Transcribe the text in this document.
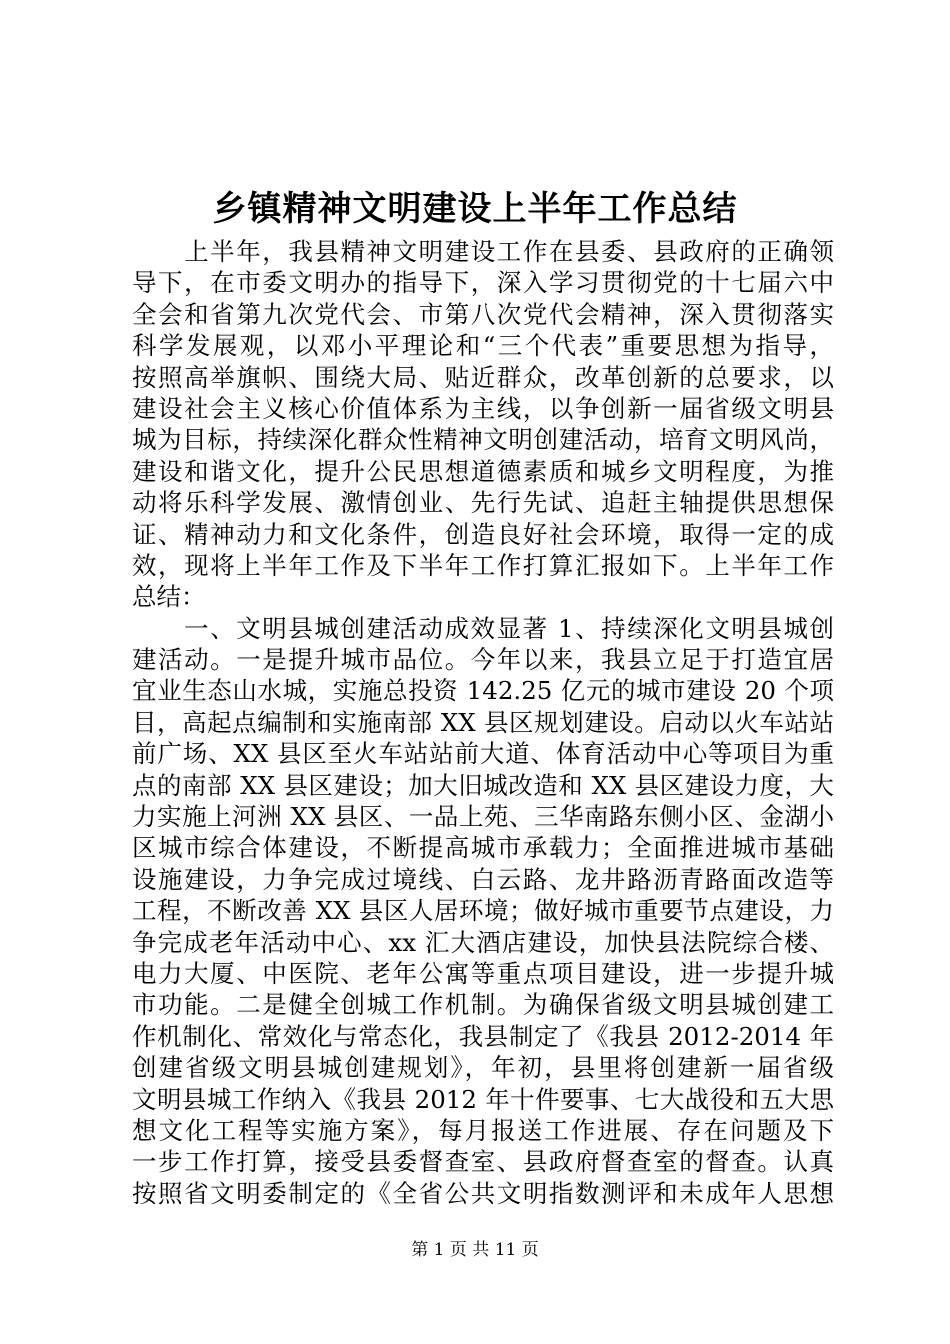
乡镇精神文明建设上半年工作总结
　　上半年，我县精神文明建设工作在县委、县政府的正确领
导下，在市委文明办的指导下，深入学习贯彻党的十七届六中
全会和省第九次党代会、市第八次党代会精神，深入贯彻落实
科学发展观，以邓小平理论和“三个代表”重要思想为指导，
按照高举旗帜、围绕大局、贴近群众，改革创新的总要求，以
建设社会主义核心价值体系为主线，以争创新一届省级文明县
城为目标，持续深化群众性精神文明创建活动，培育文明风尚，
建设和谐文化，提升公民思想道德素质和城乡文明程度，为推
动将乐科学发展、激情创业、先行先试、追赶主轴提供思想保
证、精神动力和文化条件，创造良好社会环境，取得一定的成
效，现将上半年工作及下半年工作打算汇报如下。上半年工作
总结：
　　一、文明县城创建活动成效显著 1、持续深化文明县城创
建活动。一是提升城市品位。今年以来，我县立足于打造宜居
宜业生态山水城，实施总投资 142.25 亿元的城市建设 20 个项
目，高起点编制和实施南部 XX 县区规划建设。启动以火车站站
前广场、XX 县区至火车站站前大道、体育活动中心等项目为重
点的南部 XX 县区建设；加大旧城改造和 XX 县区建设力度，大
力实施上河洲 XX 县区、一品上苑、三华南路东侧小区、金湖小
区城市综合体建设，不断提高城市承载力；全面推进城市基础
设施建设，力争完成过境线、白云路、龙井路沥青路面改造等
工程，不断改善 XX 县区人居环境；做好城市重要节点建设，力
争完成老年活动中心、xx 汇大酒店建设，加快县法院综合楼、
电力大厦、中医院、老年公寓等重点项目建设，进一步提升城
市功能。二是健全创城工作机制。为确保省级文明县城创建工
作机制化、常效化与常态化，我县制定了《我县 2012-2014 年
创建省级文明县城创建规划》，年初，县里将创建新一届省级
文明县城工作纳入《我县 2012 年十件要事、七大战役和五大思
想文化工程等实施方案》，每月报送工作进展、存在问题及下
一步工作打算，接受县委督查室、县政府督查室的督查。认真
按照省文明委制定的《全省公共文明指数测评和未成年人思想
第 1 页 共 11 页
